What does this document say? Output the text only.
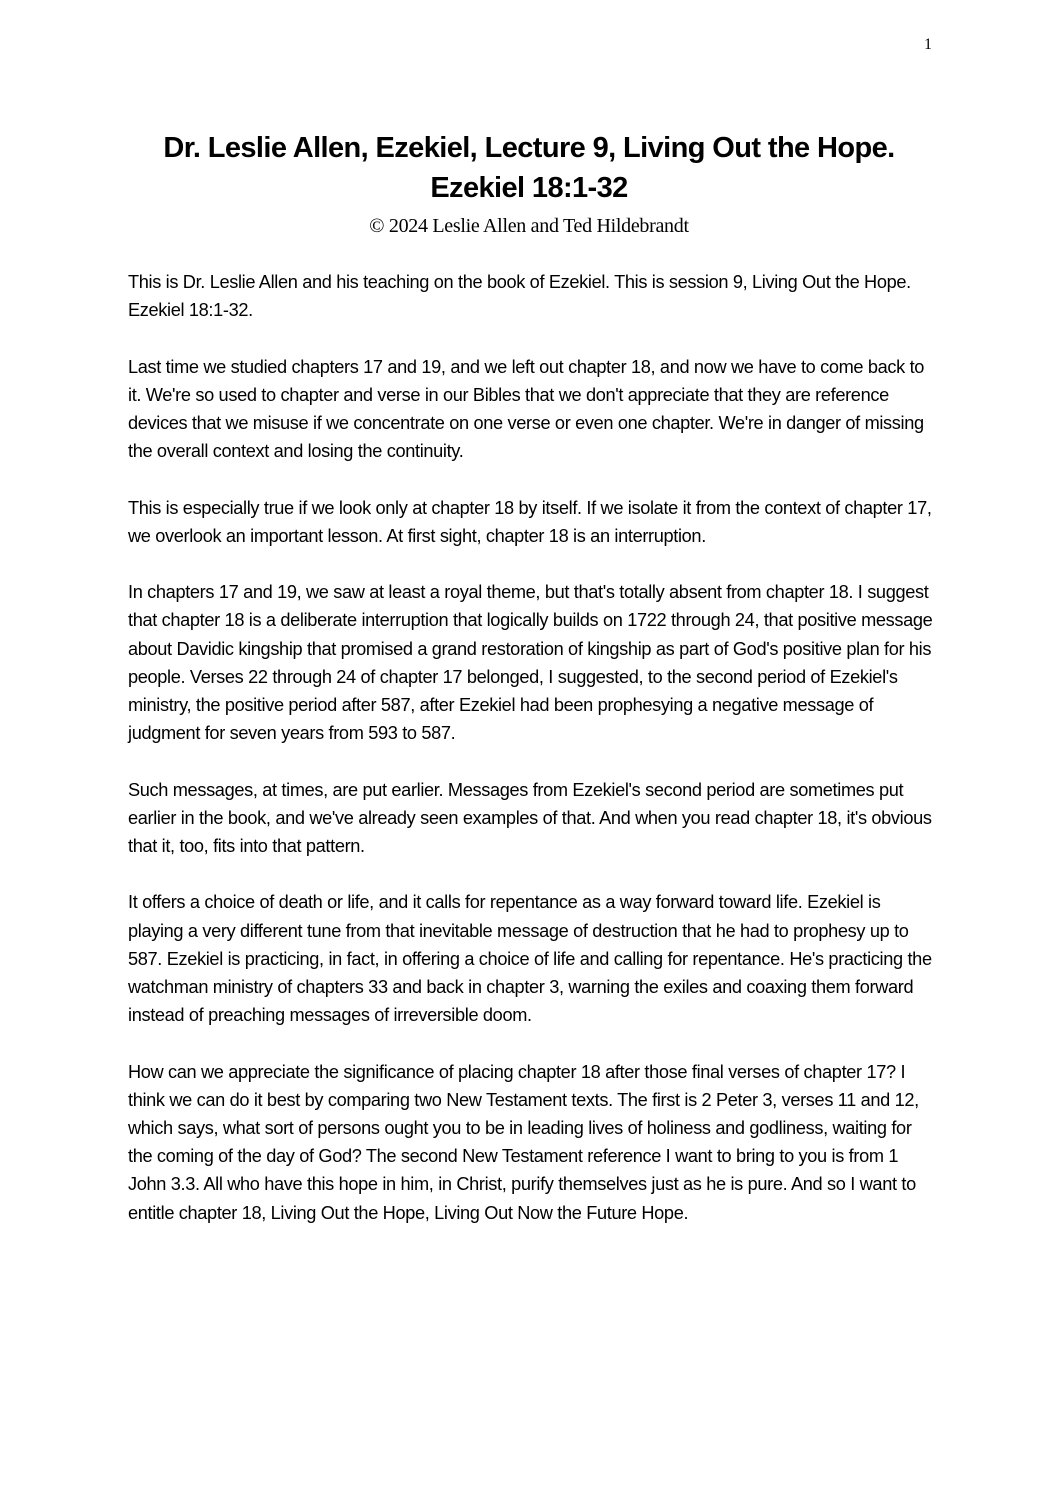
1
Dr. Leslie Allen, Ezekiel, Lecture 9, Living Out the Hope. Ezekiel 18:1-32
© 2024 Leslie Allen and Ted Hildebrandt

This is Dr. Leslie Allen and his teaching on the book of Ezekiel. This is session 9, Living Out the Hope. Ezekiel 18:1-32.

Last time we studied chapters 17 and 19, and we left out chapter 18, and now we have to come back to it. We're so used to chapter and verse in our Bibles that we don't appreciate that they are reference devices that we misuse if we concentrate on one verse or even one chapter. We're in danger of missing the overall context and losing the continuity.

This is especially true if we look only at chapter 18 by itself. If we isolate it from the context of chapter 17, we overlook an important lesson. At first sight, chapter 18 is an interruption.

In chapters 17 and 19, we saw at least a royal theme, but that's totally absent from chapter 18. I suggest that chapter 18 is a deliberate interruption that logically builds on 1722 through 24, that positive message about Davidic kingship that promised a grand restoration of kingship as part of God's positive plan for his people. Verses 22 through 24 of chapter 17 belonged, I suggested, to the second period of Ezekiel's ministry, the positive period after 587, after Ezekiel had been prophesying a negative message of judgment for seven years from 593 to 587.

Such messages, at times, are put earlier. Messages from Ezekiel's second period are sometimes put earlier in the book, and we've already seen examples of that. And when you read chapter 18, it's obvious that it, too, fits into that pattern.

It offers a choice of death or life, and it calls for repentance as a way forward toward life. Ezekiel is playing a very different tune from that inevitable message of destruction that he had to prophesy up to 587. Ezekiel is practicing, in fact, in offering a choice of life and calling for repentance. He's practicing the watchman ministry of chapters 33 and back in chapter 3, warning the exiles and coaxing them forward instead of preaching messages of irreversible doom.

How can we appreciate the significance of placing chapter 18 after those final verses of chapter 17? I think we can do it best by comparing two New Testament texts. The first is 2 Peter 3, verses 11 and 12, which says, what sort of persons ought you to be in leading lives of holiness and godliness, waiting for the coming of the day of God? The second New Testament reference I want to bring to you is from 1 John 3.3. All who have this hope in him, in Christ, purify themselves just as he is pure. And so I want to entitle chapter 18, Living Out the Hope, Living Out Now the Future Hope.
